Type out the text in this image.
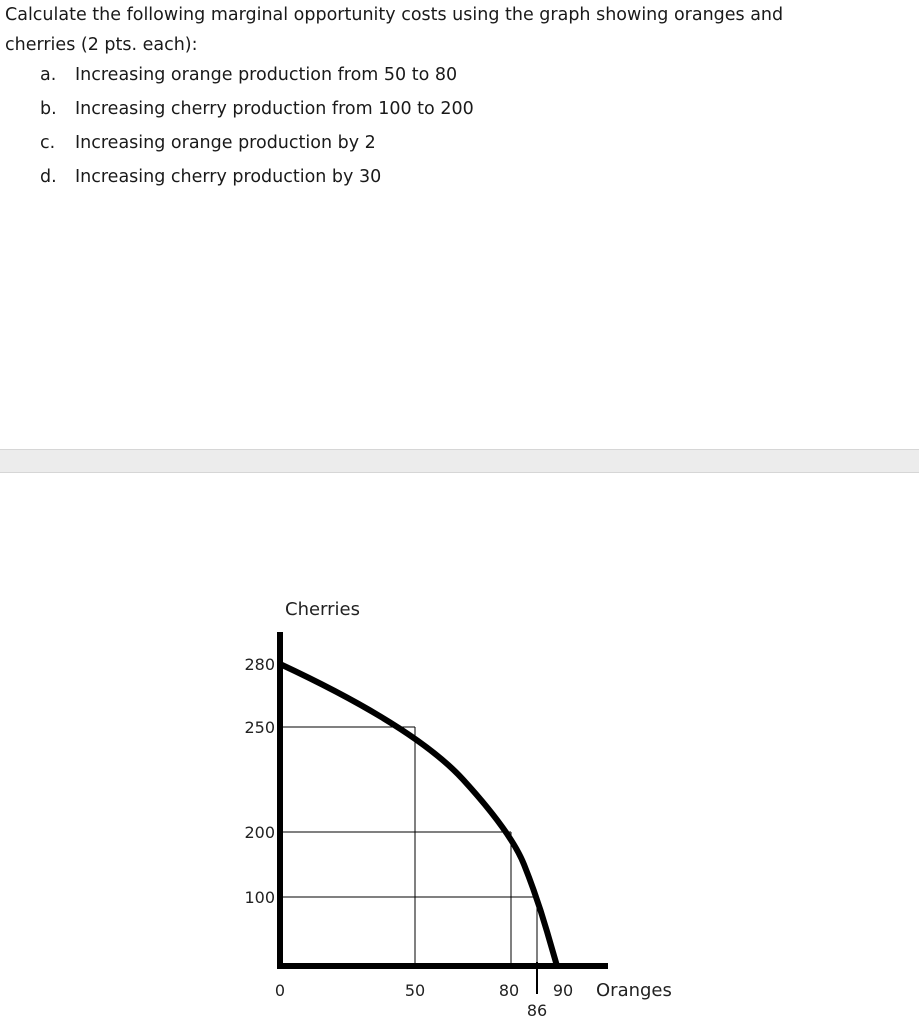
Calculate the following marginal opportunity costs using the graph showing oranges and
cherries (2 pts. each):
a.	Increasing orange production from 50 to 80
b.	Increasing cherry production from 100 to 200
c.	Increasing orange production by 2
d.	Increasing cherry production by 30
100
200
250
280
0	50	80
86
90
Cherries
Oranges
